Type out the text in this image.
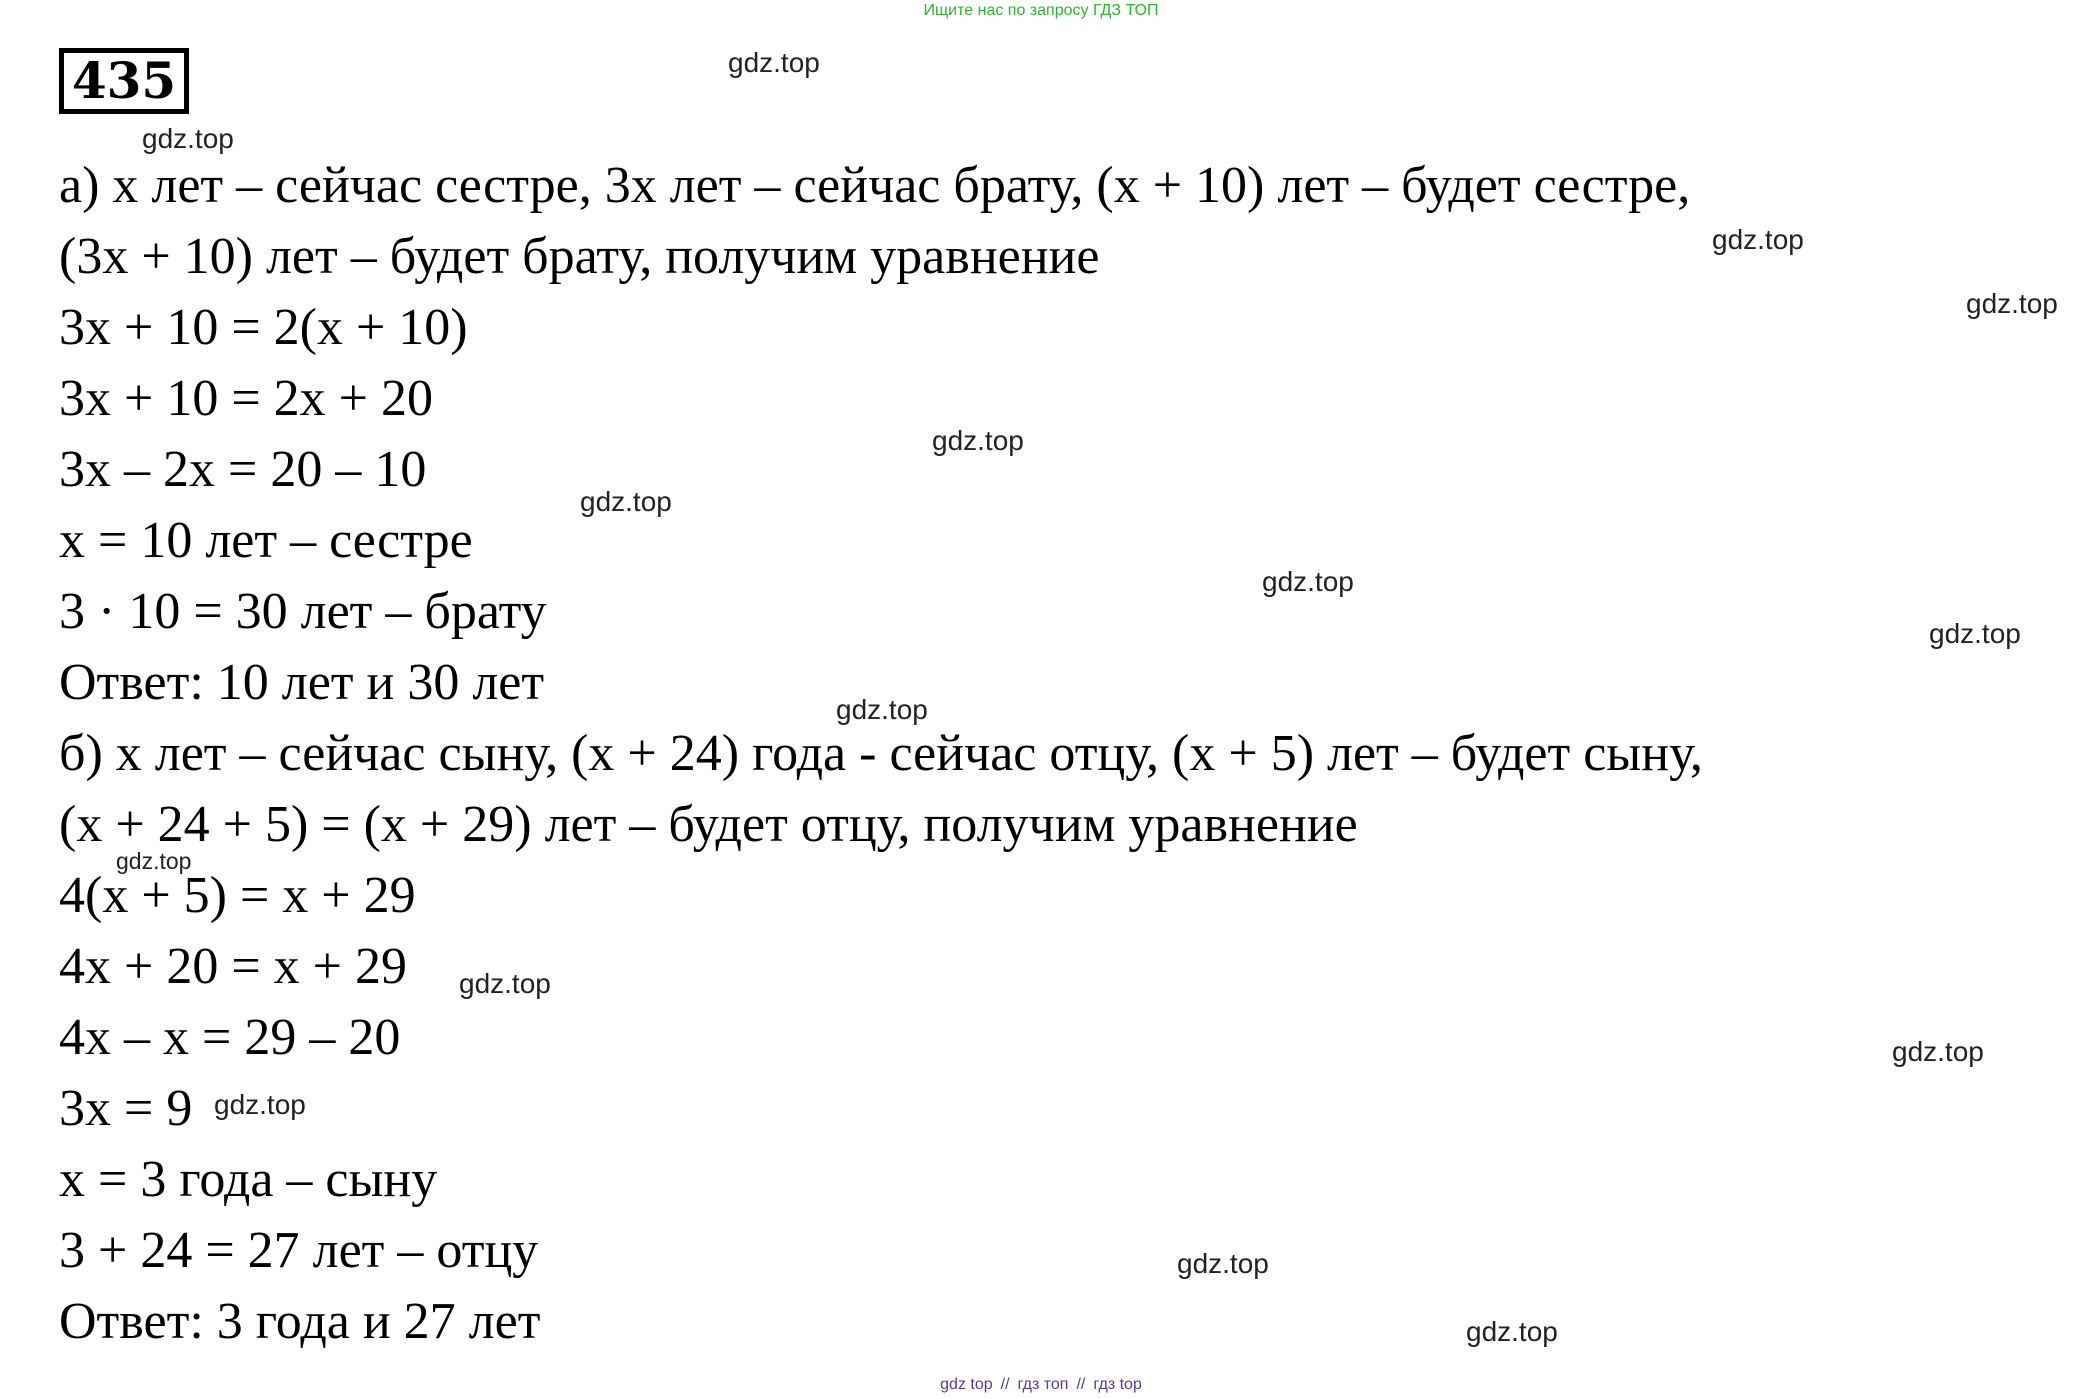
Ищите нас по запросу ГДЗ ТОП
435
а) x лет – сейчас сестре, 3x лет – сейчас брату, (x + 10) лет – будет сестре,
(3x + 10) лет – будет брату, получим уравнение
3x + 10 = 2(x + 10)
3x + 10 = 2x + 20
3x – 2x = 20 – 10
x = 10 лет – сестре
3 · 10 = 30 лет – брату
Ответ: 10 лет и 30 лет
б) x лет – сейчас сыну, (x + 24) года - сейчас отцу, (x + 5) лет – будет сыну,
(x + 24 + 5) = (x + 29) лет – будет отцу, получим уравнение
4(x + 5) = x + 29
4x + 20 = x + 29
4x – x = 29 – 20
3x = 9
x = 3 года – сыну
3 + 24 = 27 лет – отцу
Ответ: 3 года и 27 лет
gdz.top
gdz.top
gdz.top
gdz.top
gdz.top
gdz.top
gdz.top
gdz.top
gdz.top
gdz.top
gdz.top
gdz.top
gdz.top
gdz.top
gdz.top
gdz top // гдз топ // гдз top
